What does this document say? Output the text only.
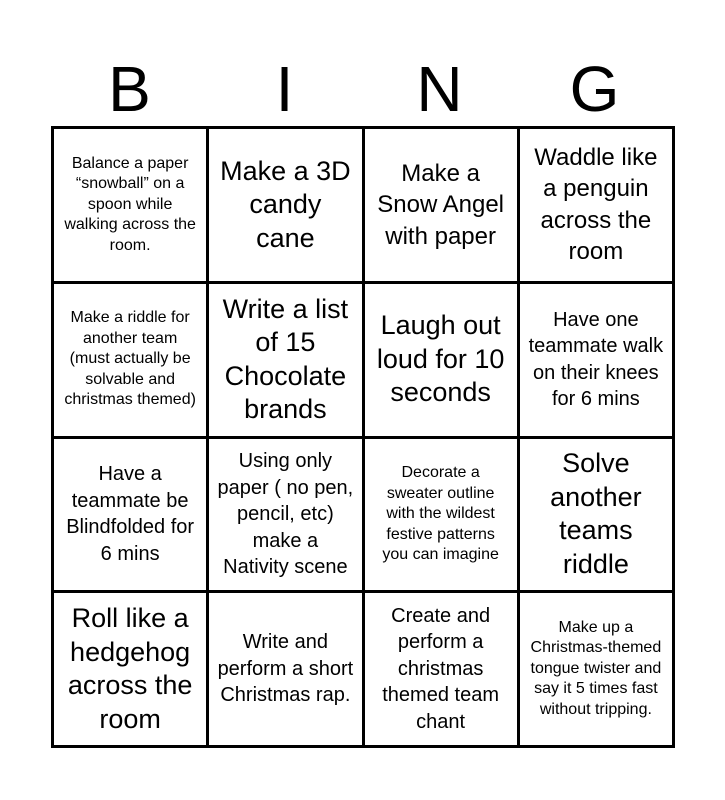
B	I	N	G
Balance a paper “snowball” on a spoon while walking across the room.
Make a 3D candy cane
Make a Snow Angel with paper
Waddle like a penguin across the room
Make a riddle for another team (must actually be solvable and christmas themed)
Write a list of 15 Chocolate brands
Laugh out loud for 10 seconds
Have one teammate walk on their knees for 6 mins
Have a teammate be Blindfolded for 6 mins
Using only paper ( no pen, pencil, etc) make a Nativity scene
Decorate a sweater outline with the wildest festive patterns you can imagine
Solve another teams riddle
Roll like a hedgehog across the room
Write and perform a short Christmas rap.
Create and perform a christmas themed team chant
Make up a Christmas-themed tongue twister and say it 5 times fast without tripping.
